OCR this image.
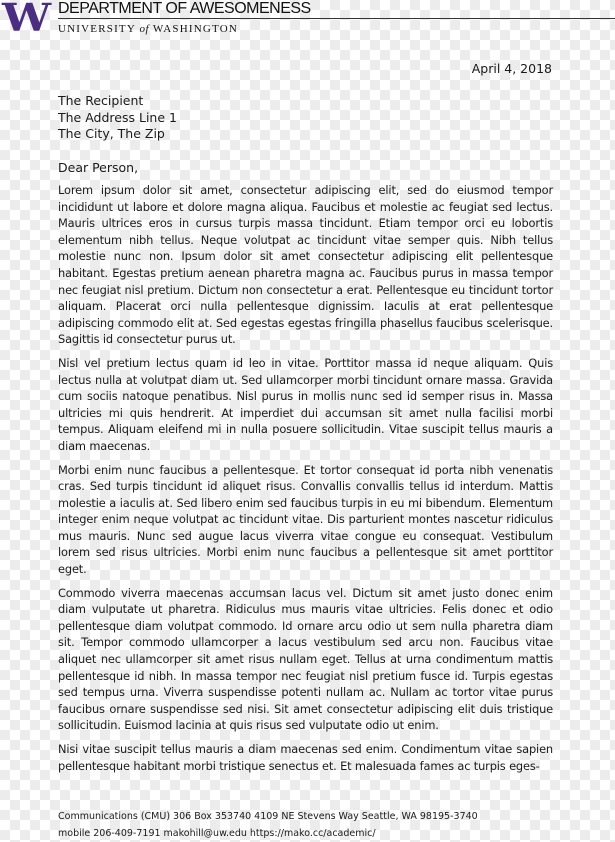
W DEPARTMENT OF AWESOMENESS
UNIVERSITY of WASHINGTON
April 4, 2018
The Recipient
The Address Line 1
The City, The Zip
Dear Person,

Lorem ipsum dolor sit amet, consectetur adipiscing elit, sed do eiusmod tempor incididunt ut labore et dolore magna aliqua. Faucibus et molestie ac feugiat sed lectus. Mauris ultrices eros in cursus turpis massa tincidunt. Etiam tempor orci eu lobortis elementum nibh tellus. Neque volutpat ac tincidunt vitae semper quis. Nibh tellus molestie nunc non. Ipsum dolor sit amet consectetur adipiscing elit pellentesque habitant. Egestas pretium aenean pharetra magna ac. Faucibus purus in massa tempor nec feugiat nisl pretium. Dictum non consectetur a erat. Pellentesque eu tincidunt tortor aliquam. Placerat orci nulla pellentesque dignissim. Iaculis at erat pellentesque adipiscing commodo elit at. Sed egestas egestas fringilla phasellus faucibus scelerisque. Sagittis id consectetur purus ut.

Nisl vel pretium lectus quam id leo in vitae. Porttitor massa id neque aliquam. Quis lectus nulla at volutpat diam ut. Sed ullamcorper morbi tincidunt ornare massa. Gravida cum sociis natoque penatibus. Nisl purus in mollis nunc sed id semper risus in. Massa ultricies mi quis hendrerit. At imperdiet dui accumsan sit amet nulla facilisi morbi tempus. Aliquam eleifend mi in nulla posuere sollicitudin. Vitae suscipit tellus mauris a diam maecenas.

Morbi enim nunc faucibus a pellentesque. Et tortor consequat id porta nibh venenatis cras. Sed turpis tincidunt id aliquet risus. Convallis convallis tellus id interdum. Mattis molestie a iaculis at. Sed libero enim sed faucibus turpis in eu mi bibendum. Elementum integer enim neque volutpat ac tincidunt vitae. Dis parturient montes nascetur ridiculus mus mauris. Nunc sed augue lacus viverra vitae congue eu consequat. Vestibulum lorem sed risus ultricies. Morbi enim nunc faucibus a pellentesque sit amet porttitor eget.

Commodo viverra maecenas accumsan lacus vel. Dictum sit amet justo donec enim diam vulputate ut pharetra. Ridiculus mus mauris vitae ultricies. Felis donec et odio pellentesque diam volutpat commodo. Id ornare arcu odio ut sem nulla pharetra diam sit. Tempor commodo ullamcorper a lacus vestibulum sed arcu non. Faucibus vitae aliquet nec ullamcorper sit amet risus nullam eget. Tellus at urna condimentum mattis pellentesque id nibh. In massa tempor nec feugiat nisl pretium fusce id. Turpis egestas sed tempus urna. Viverra suspendisse potenti nullam ac. Nullam ac tortor vitae purus faucibus ornare suspendisse sed nisi. Sit amet consectetur adipiscing elit duis tristique sollicitudin. Euismod lacinia at quis risus sed vulputate odio ut enim.

Nisi vitae suscipit tellus mauris a diam maecenas sed enim. Condimentum vitae sapien pellentesque habitant morbi tristique senectus et. Et malesuada fames ac turpis eges-

Communications (CMU) 306 Box 353740 4109 NE Stevens Way Seattle, WA 98195-3740
mobile 206-409-7191 makohill@uw.edu https://mako.cc/academic/
